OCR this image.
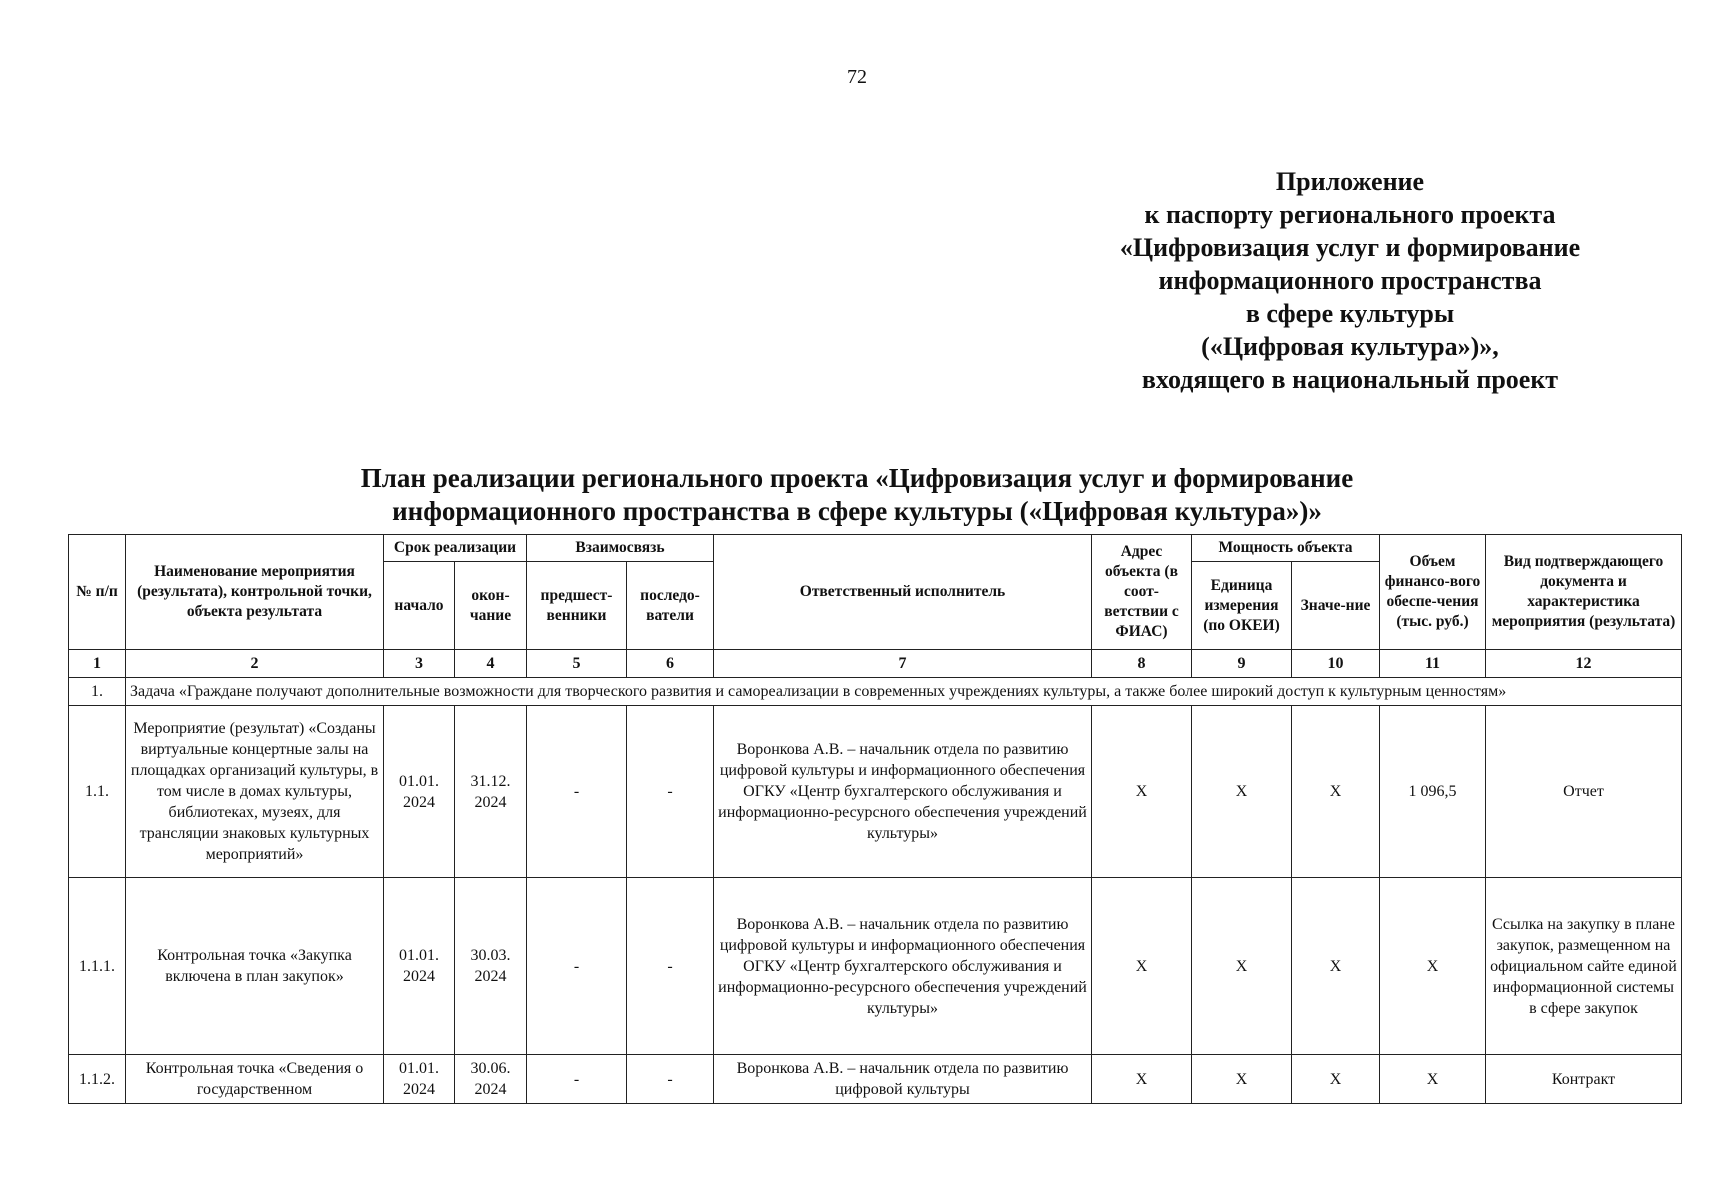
72
Приложение
к паспорту регионального проекта
«Цифровизация услуг и формирование
информационного пространства
в сфере культуры
(«Цифровая культура»)»,
входящего в национальный проект
План реализации регионального проекта «Цифровизация услуг и формирование
информационного пространства в сфере культуры («Цифровая культура»)»
№ п/п	Наименование мероприятия (результата), контрольной точки, объекта результата	Срок реализации		Взаимосвязь		Ответственный исполнитель	Адрес объекта (в соот-ветствии с ФИАС)	Мощность объекта		Объем финансо-вого обеспе-чения (тыс. руб.)	Вид подтверждающего документа и характеристика мероприятия (результата)
		начало	окон-чание	предшест-венники	последо-ватели			Единица измерения (по ОКЕИ)	Значе-ние		
1	2	3	4	5	6	7	8	9	10	11	12
1.	Задача «Граждане получают дополнительные возможности для творческого развития и самореализации в современных учреждениях культуры, а также более широкий доступ к культурным ценностям»										
1.1.	Мероприятие (результат) «Созданы виртуальные концертные залы на площадках организаций культуры, в том числе в домах культуры, библиотеках, музеях, для трансляции знаковых культурных мероприятий»	01.01. 2024	31.12. 2024	-	-	Воронкова А.В. – начальник отдела по развитию цифровой культуры и информационного обеспечения ОГКУ «Центр бухгалтерского обслуживания и информационно-ресурсного обеспечения учреждений культуры»	X	X	X	1 096,5	Отчет
1.1.1.	Контрольная точка «Закупка включена в план закупок»	01.01. 2024	30.03. 2024	-	-	Воронкова А.В. – начальник отдела по развитию цифровой культуры и информационного обеспечения ОГКУ «Центр бухгалтерского обслуживания и информационно-ресурсного обеспечения учреждений культуры»	X	X	X	X	Ссылка на закупку в плане закупок, размещенном на официальном сайте единой информационной системы в сфере закупок
1.1.2.	Контрольная точка «Сведения о государственном	01.01. 2024	30.06. 2024	-	-	Воронкова А.В. – начальник отдела по развитию цифровой культуры	X	X	X	X	Контракт
